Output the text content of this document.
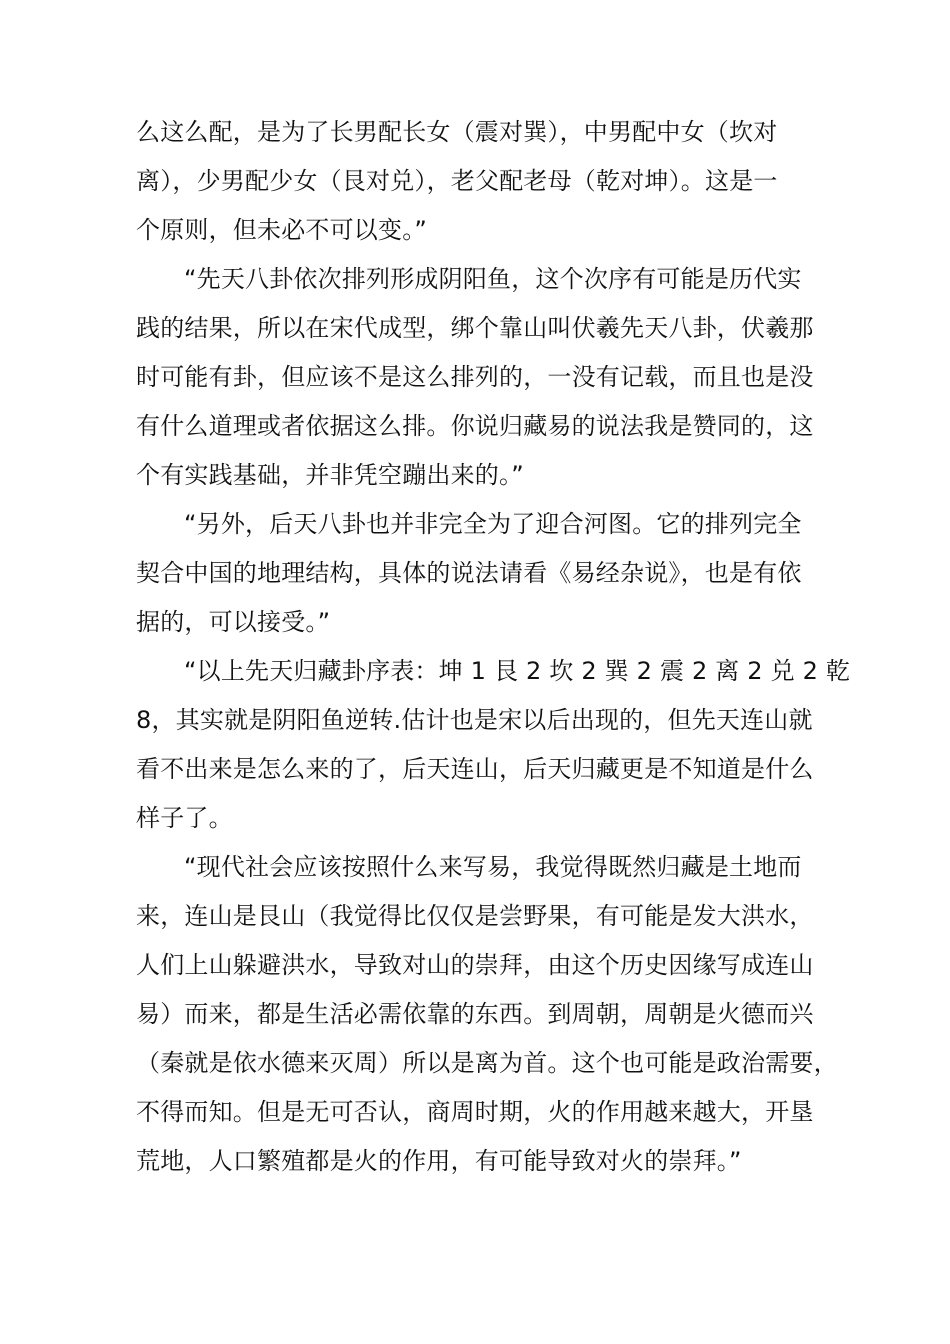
么这么配，是为了长男配长女（震对巽），中男配中女（坎对
离），少男配少女（艮对兑），老父配老母（乾对坤）。这是一
个原则，但未必不可以变。”

“先天八卦依次排列形成阴阳鱼，这个次序有可能是历代实
践的结果，所以在宋代成型，绑个靠山叫伏羲先天八卦，伏羲那
时可能有卦，但应该不是这么排列的，一没有记载，而且也是没
有什么道理或者依据这么排。你说归藏易的说法我是赞同的，这
个有实践基础，并非凭空蹦出来的。”

“另外，后天八卦也并非完全为了迎合河图。它的排列完全
契合中国的地理结构，具体的说法请看《易经杂说》，也是有依
据的，可以接受。”

“以上先天归藏卦序表：坤 1 艮 2 坎 2 巽 2 震 2 离 2 兑 2 乾
8，其实就是阴阳鱼逆转.估计也是宋以后出现的，但先天连山就
看不出来是怎么来的了，后天连山，后天归藏更是不知道是什么
样子了。

“现代社会应该按照什么来写易，我觉得既然归藏是土地而
来，连山是艮山（我觉得比仅仅是尝野果，有可能是发大洪水，
人们上山躲避洪水，导致对山的崇拜，由这个历史因缘写成连山
易）而来，都是生活必需依靠的东西。到周朝，周朝是火德而兴
（秦就是依水德来灭周）所以是离为首。这个也可能是政治需要，
不得而知。但是无可否认，商周时期，火的作用越来越大，开垦
荒地，人口繁殖都是火的作用，有可能导致对火的崇拜。”
